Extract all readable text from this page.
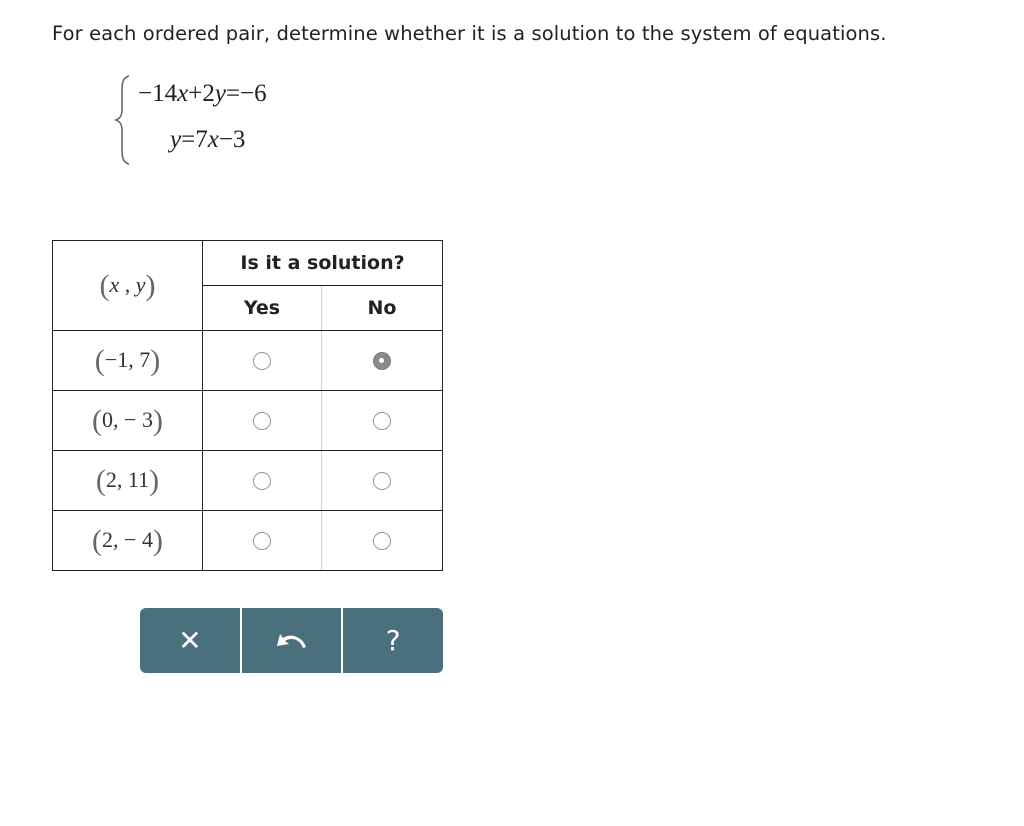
For each ordered pair, determine whether it is a solution to the system of equations.
−14x+2y=−6
y=7x−3
(x , y)	Is it a solution?	
	Yes	No
(−1, 7)		
(0, − 3)		
(2, 11)		
(2, − 4)		
✕	?
